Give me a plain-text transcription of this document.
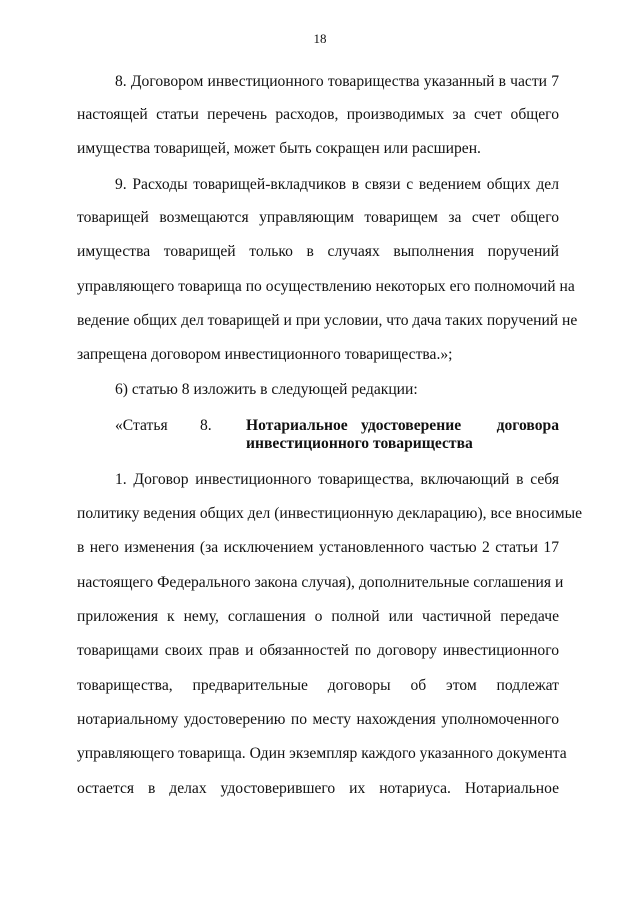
18
8. Договором инвестиционного товарищества указанный в части 7
настоящей статьи перечень расходов, производимых за счет общего
имущества товарищей, может быть сокращен или расширен.
9. Расходы товарищей-вкладчиков в связи с ведением общих дел
товарищей возмещаются управляющим товарищем за счет общего
имущества товарищей только в случаях выполнения поручений
управляющего товарища по осуществлению некоторых его полномочий на
ведение общих дел товарищей и при условии, что дача таких поручений не
запрещена договором инвестиционного товарищества.»;
6) статью 8 изложить в следующей редакции:
«Статья 8. Нотариальное удостоверение договора
инвестиционного товарищества
1. Договор инвестиционного товарищества, включающий в себя
политику ведения общих дел (инвестиционную декларацию), все вносимые
в него изменения (за исключением установленного частью 2 статьи 17
настоящего Федерального закона случая), дополнительные соглашения и
приложения к нему, соглашения о полной или частичной передаче
товарищами своих прав и обязанностей по договору инвестиционного
товарищества, предварительные договоры об этом подлежат
нотариальному удостоверению по месту нахождения уполномоченного
управляющего товарища. Один экземпляр каждого указанного документа
остается в делах удостоверившего их нотариуса. Нотариальное
